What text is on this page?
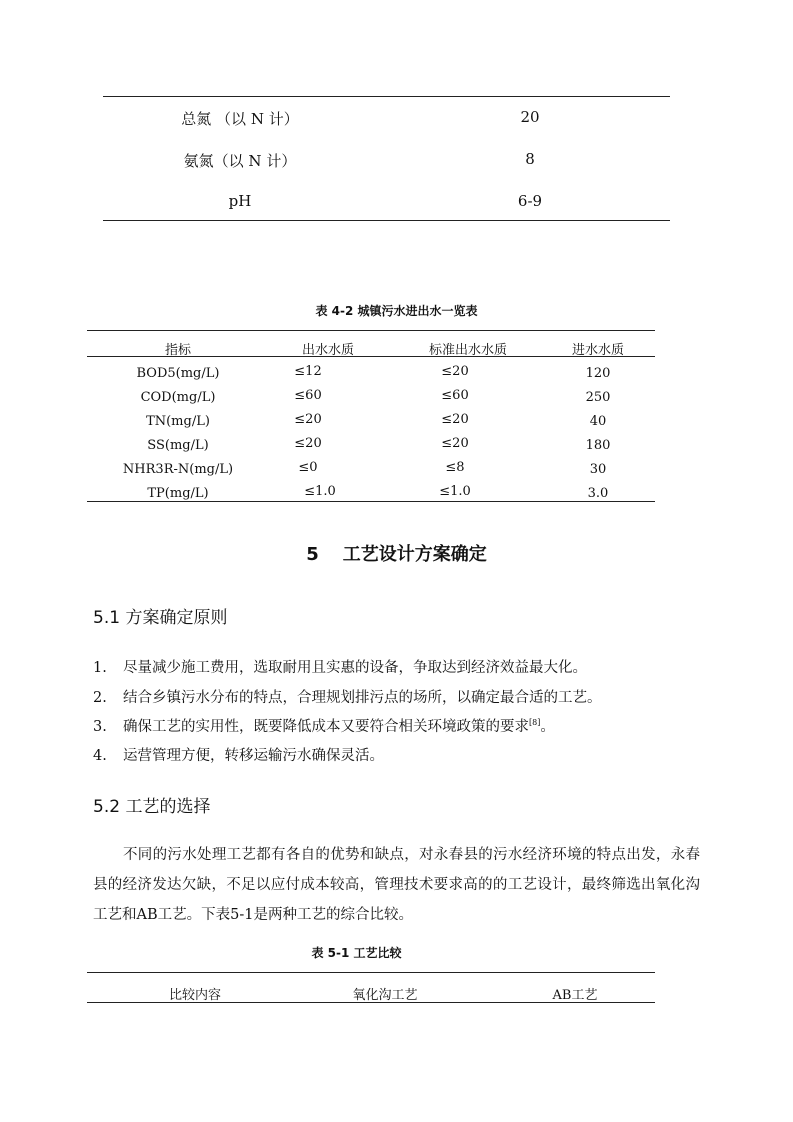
总氮 （以 N 计）	20
氨氮（以 N 计）	8
pH	6-9
表 4-2 城镇污水进出水一览表
指标	出水水质	标准出水水质	进水水质
BOD5(mg/L)	≤12	≤20	120
COD(mg/L)	≤60	≤60	250
TN(mg/L)	≤20	≤20	40
SS(mg/L)	≤20	≤20	180
NHR3R-N(mg/L)	≤0	≤8	30
TP(mg/L)	≤1.0	≤1.0	3.0
5 工艺设计方案确定
5.1 方案确定原则
1. 尽量减少施工费用，选取耐用且实惠的设备，争取达到经济效益最大化。
2. 结合乡镇污水分布的特点，合理规划排污点的场所，以确定最合适的工艺。
3. 确保工艺的实用性，既要降低成本又要符合相关环境政策的要求[8]。
4. 运营管理方便，转移运输污水确保灵活。
5.2 工艺的选择
不同的污水处理工艺都有各自的优势和缺点，对永春县的污水经济环境的特点出发，永春县的经济发达欠缺，不足以应付成本较高，管理技术要求高的的工艺设计，最终筛选出氧化沟工艺和AB工艺。下表5-1是两种工艺的综合比较。
表 5-1 工艺比较
比较内容	氧化沟工艺	AB工艺
